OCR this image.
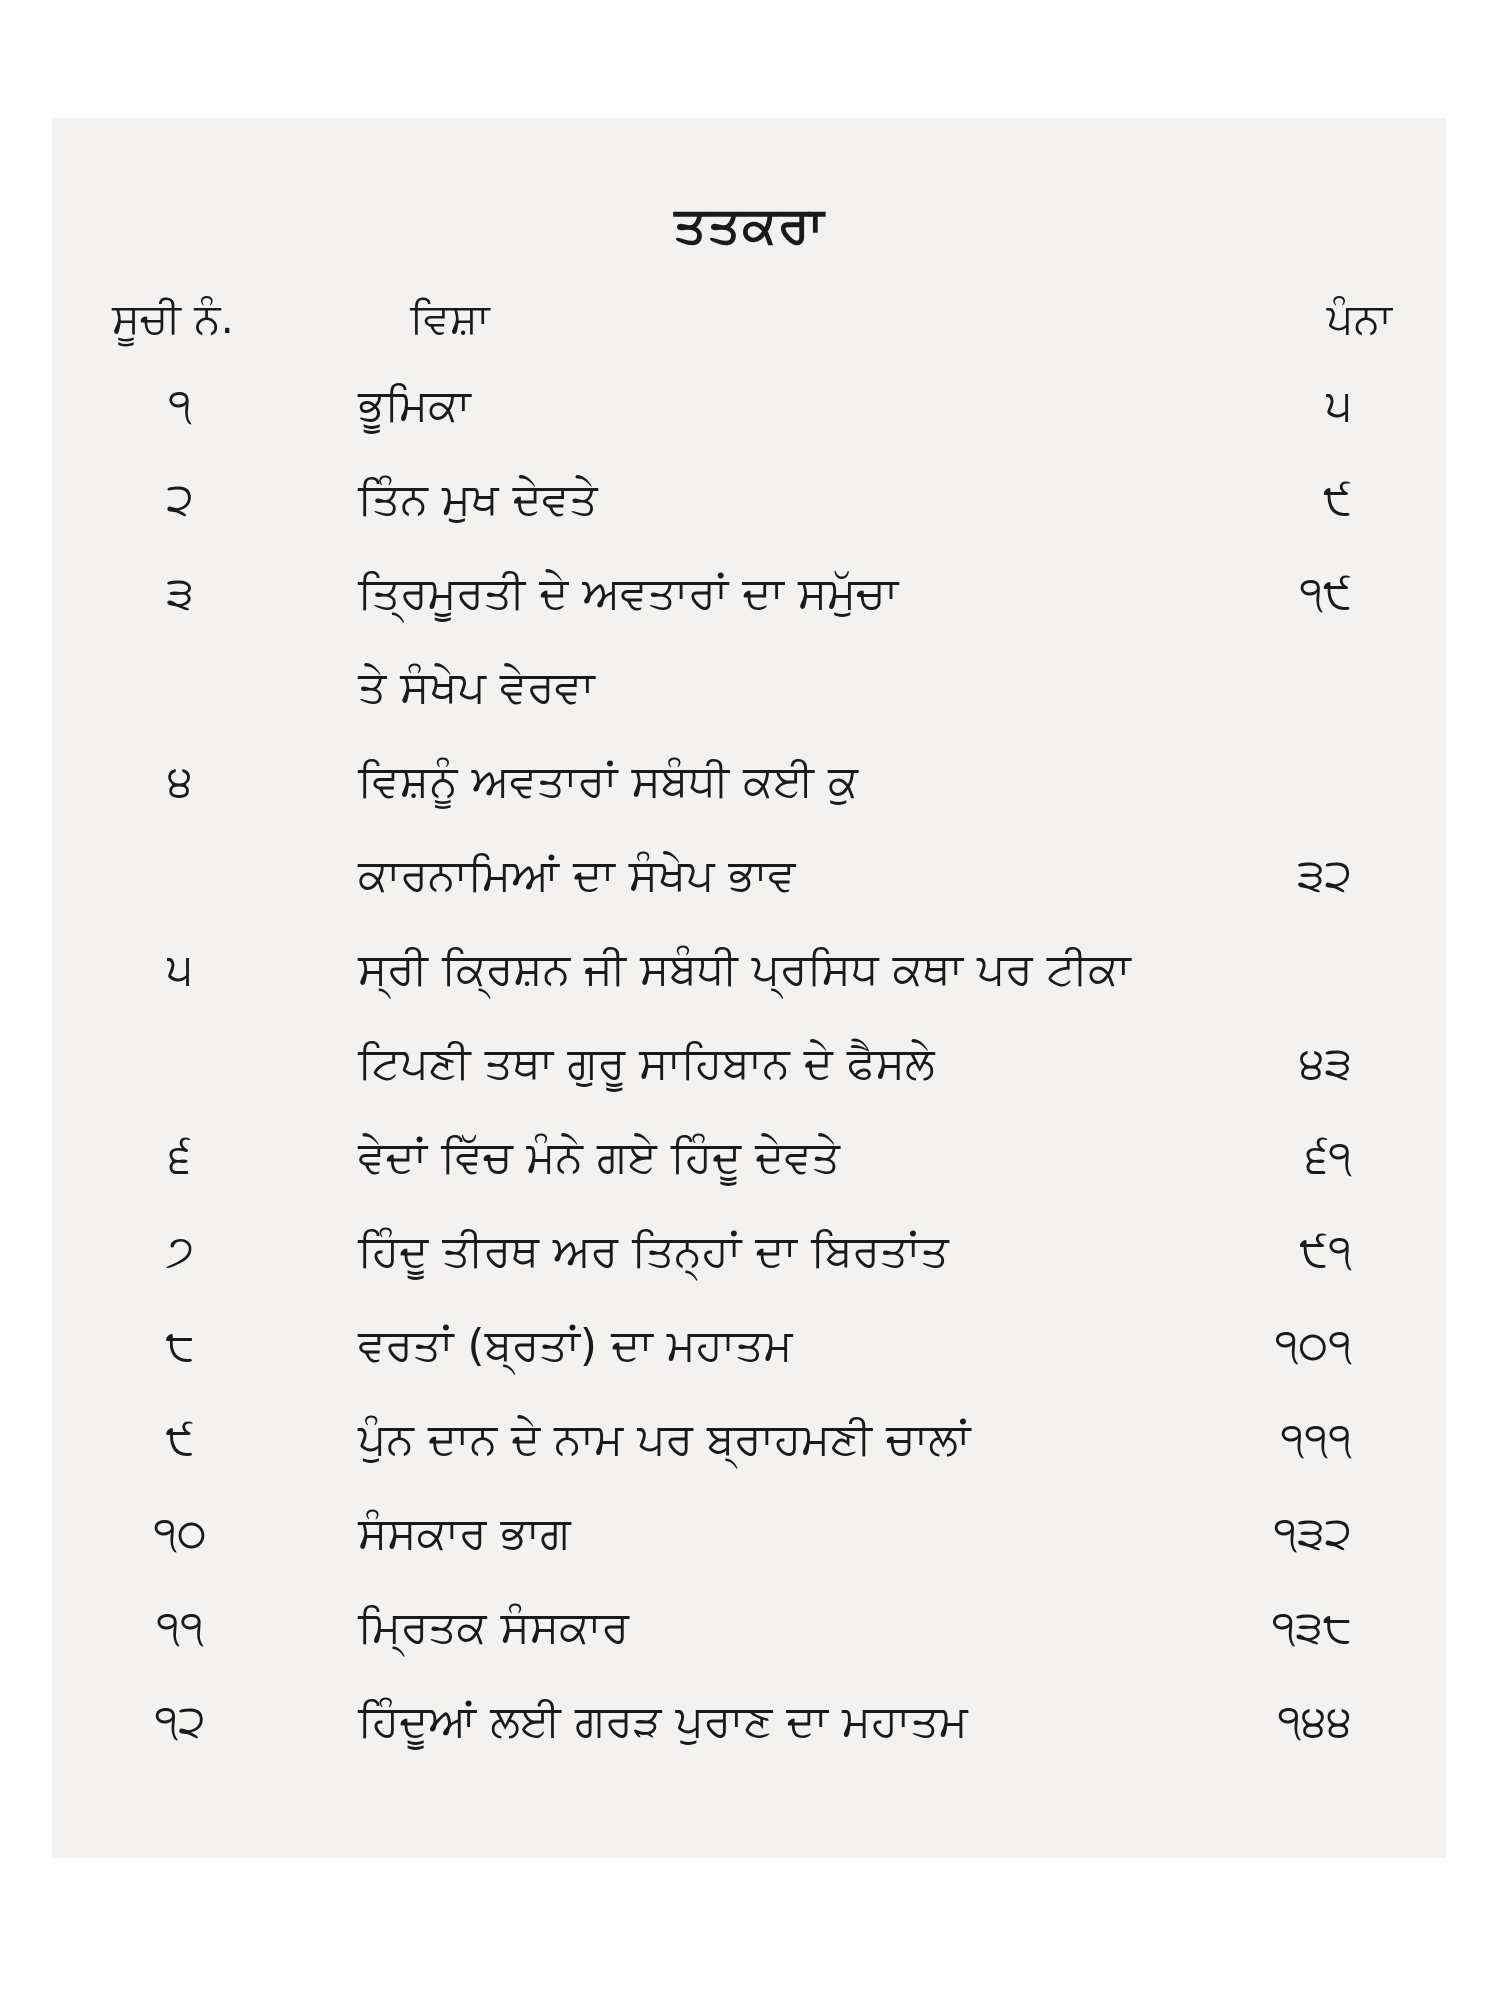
ਤਤਕਰਾ
ਸੂਚੀ ਨੰ.	ਵਿਸ਼ਾ	ਪੰਨਾ
੧	ਭੂਮਿਕਾ	੫
੨	ਤਿੰਨ ਮੁਖ ਦੇਵਤੇ	੯
੩	ਤ੍ਰਿਮੂਰਤੀ ਦੇ ਅਵਤਾਰਾਂ ਦਾ ਸਮੁੱਚਾ	੧੯
ਤੇ ਸੰਖੇਪ ਵੇਰਵਾ
੪	ਵਿਸ਼ਨੂੰ ਅਵਤਾਰਾਂ ਸਬੰਧੀ ਕਈ ਕੁ
ਕਾਰਨਾਮਿਆਂ ਦਾ ਸੰਖੇਪ ਭਾਵ	੩੨
੫	ਸ੍ਰੀ ਕ੍ਰਿਸ਼ਨ ਜੀ ਸਬੰਧੀ ਪ੍ਰਸਿਧ ਕਥਾ ਪਰ ਟੀਕਾ
ਟਿਪਣੀ ਤਥਾ ਗੁਰੂ ਸਾਹਿਬਾਨ ਦੇ ਫੈਸਲੇ	੪੩
੬	ਵੇਦਾਂ ਵਿੱਚ ਮੰਨੇ ਗਏ ਹਿੰਦੂ ਦੇਵਤੇ	੬੧
੭	ਹਿੰਦੂ ਤੀਰਥ ਅਰ ਤਿਨ੍ਹਾਂ ਦਾ ਬਿਰਤਾਂਤ	੯੧
੮	ਵਰਤਾਂ (ਬ੍ਰਤਾਂ) ਦਾ ਮਹਾਤਮ	੧੦੧
੯	ਪੁੰਨ ਦਾਨ ਦੇ ਨਾਮ ਪਰ ਬ੍ਰਾਹਮਣੀ ਚਾਲਾਂ	੧੧੧
੧੦	ਸੰਸਕਾਰ ਭਾਗ	੧੩੨
੧੧	ਮ੍ਰਿਤਕ ਸੰਸਕਾਰ	੧੩੮
੧੨	ਹਿੰਦੂਆਂ ਲਈ ਗਰੜ ਪੁਰਾਣ ਦਾ ਮਹਾਤਮ	੧੪੪
